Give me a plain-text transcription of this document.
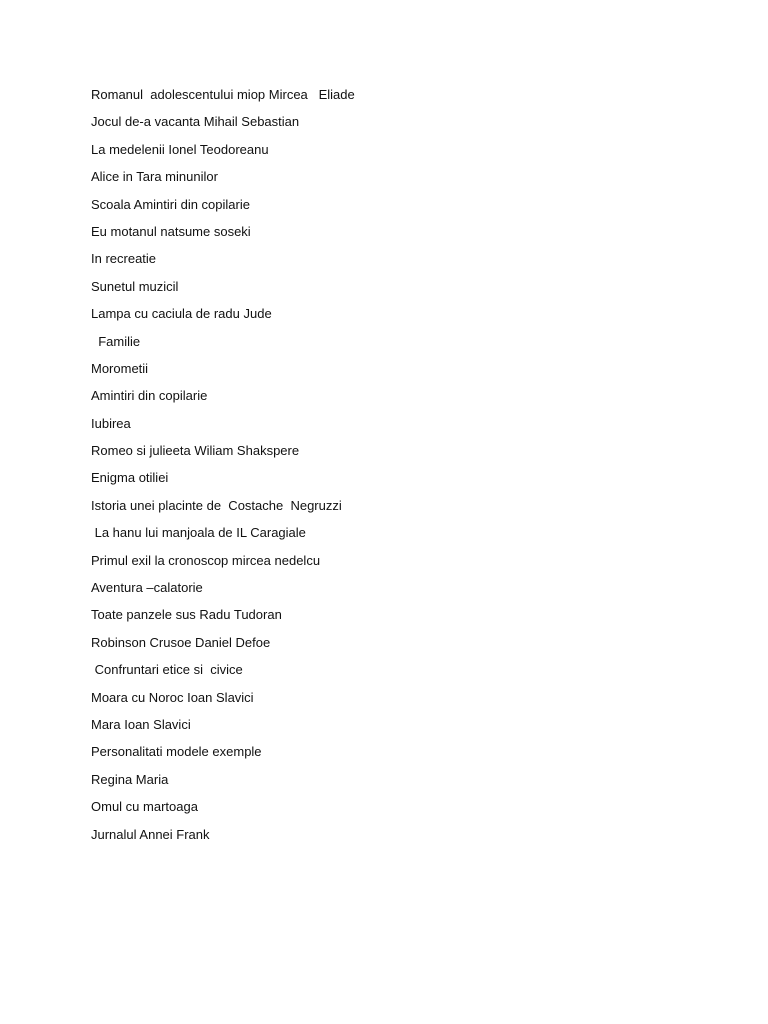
Romanul  adolescentului miop Mircea   Eliade
Jocul de-a vacanta Mihail Sebastian
La medelenii Ionel Teodoreanu
Alice in Tara minunilor
Scoala Amintiri din copilarie
Eu motanul natsume soseki
In recreatie
Sunetul muzicil
Lampa cu caciula de radu Jude
Familie
Morometii
Amintiri din copilarie
Iubirea
Romeo si julieeta Wiliam Shakspere
Enigma otiliei
Istoria unei placinte de  Costache  Negruzzi
La hanu lui manjoala de IL Caragiale
Primul exil la cronoscop mircea nedelcu
Aventura –calatorie
Toate panzele sus Radu Tudoran
Robinson Crusoe Daniel Defoe
Confruntari etice si  civice
Moara cu Noroc Ioan Slavici
Mara Ioan Slavici
Personalitati modele exemple
Regina Maria
Omul cu martoaga
Jurnalul Annei Frank
